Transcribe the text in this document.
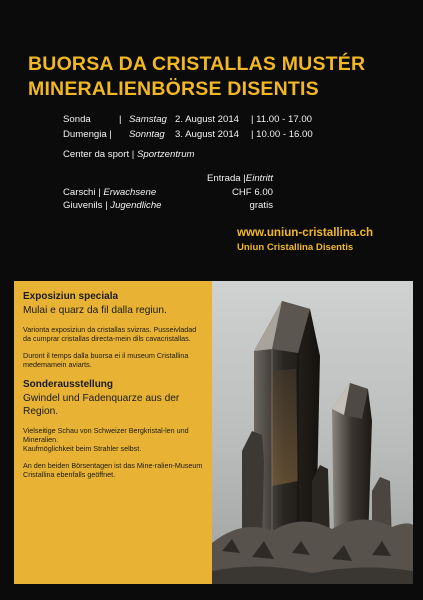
BUORSA DA CRISTALLAS MUSTÉR
MINERALIENBÖRSE DISENTIS
Sonda	| Samstag 2. August 2014	| 11.00 - 17.00
Dumengia |	Sonntag	3. August 2014	| 10.00 - 16.00
Center da sport | Sportzentrum
Entrada | Eintritt
Carschi | Erwachsene	CHF 6.00
Giuvenils | Jugendliche	gratis
www.uniun-cristallina.ch
Uniun Cristallina Disentis
Exposiziun speciala
Mulai e quarz da fil dalla regiun.

Varionta exposiziun da cristallas svizras. Pusseivladad da cumprar cristallas directa-mein dils cavacristallas.

Duront il temps dalla buorsa ei il museum Cristallina medemamein aviarts.

Sonderausstellung
Gwindel und Fadenquarze aus der Region.

Vielseitige Schau von Schweizer Bergkristal-len und Mineralien.

Kaufmöglichkeit beim Strahler selbst.

An den beiden Börsentagen ist das Mine-ralien-Museum Cristallina ebenfalls geöffnet.
